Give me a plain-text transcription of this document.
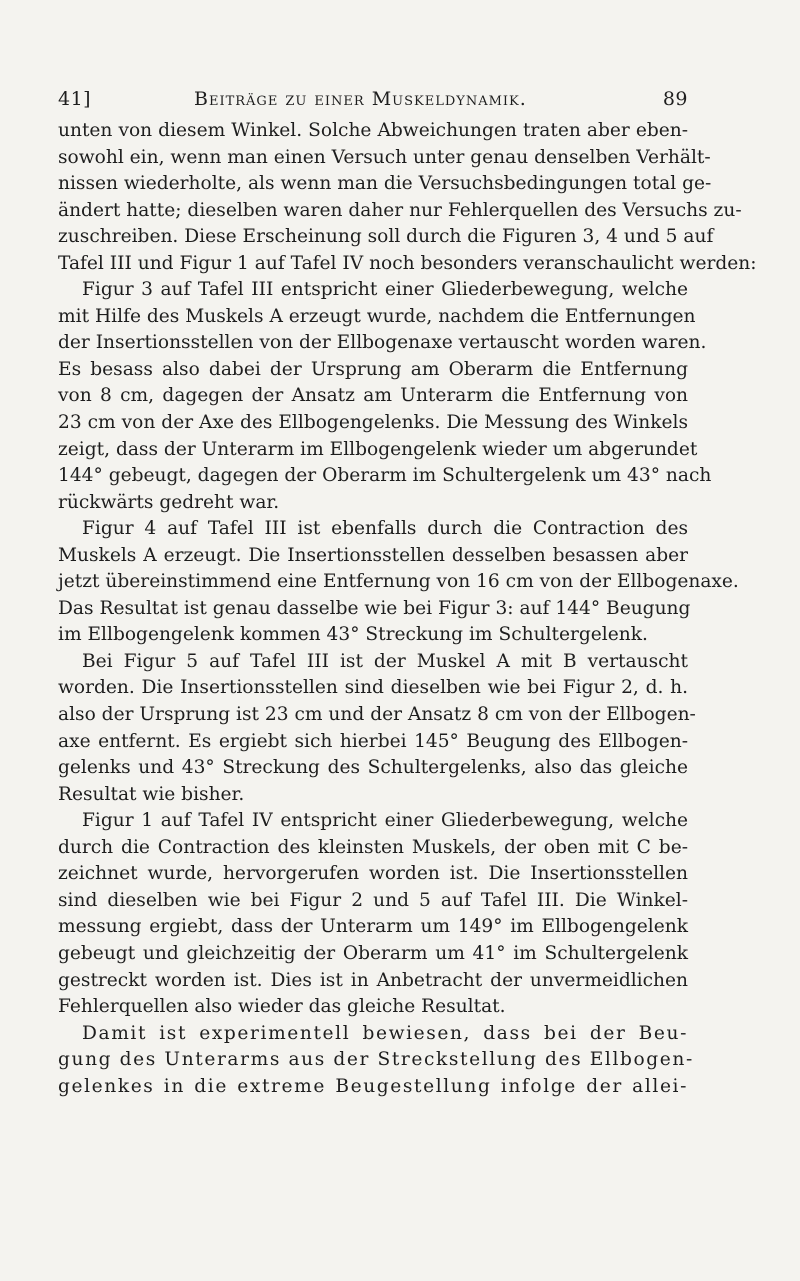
41]	Beiträge zu einer Muskeldynamik.	89
unten von diesem Winkel. Solche Abweichungen traten aber eben-
sowohl ein, wenn man einen Versuch unter genau denselben Verhält-
nissen wiederholte, als wenn man die Versuchsbedingungen total ge-
ändert hatte; dieselben waren daher nur Fehlerquellen des Versuchs zu-
zuschreiben. Diese Erscheinung soll durch die Figuren 3, 4 und 5 auf
Tafel III und Figur 1 auf Tafel IV noch besonders veranschaulicht werden:
Figur 3 auf Tafel III entspricht einer Gliederbewegung, welche
mit Hilfe des Muskels A erzeugt wurde, nachdem die Entfernungen
der Insertionsstellen von der Ellbogenaxe vertauscht worden waren.
Es besass also dabei der Ursprung am Oberarm die Entfernung
von 8 cm, dagegen der Ansatz am Unterarm die Entfernung von
23 cm von der Axe des Ellbogengelenks. Die Messung des Winkels
zeigt, dass der Unterarm im Ellbogengelenk wieder um abgerundet
144° gebeugt, dagegen der Oberarm im Schultergelenk um 43° nach
rückwärts gedreht war.
Figur 4 auf Tafel III ist ebenfalls durch die Contraction des
Muskels A erzeugt. Die Insertionsstellen desselben besassen aber
jetzt übereinstimmend eine Entfernung von 16 cm von der Ellbogenaxe.
Das Resultat ist genau dasselbe wie bei Figur 3: auf 144° Beugung
im Ellbogengelenk kommen 43° Streckung im Schultergelenk.
Bei Figur 5 auf Tafel III ist der Muskel A mit B vertauscht
worden. Die Insertionsstellen sind dieselben wie bei Figur 2, d. h.
also der Ursprung ist 23 cm und der Ansatz 8 cm von der Ellbogen-
axe entfernt. Es ergiebt sich hierbei 145° Beugung des Ellbogen-
gelenks und 43° Streckung des Schultergelenks, also das gleiche
Resultat wie bisher.
Figur 1 auf Tafel IV entspricht einer Gliederbewegung, welche
durch die Contraction des kleinsten Muskels, der oben mit C be-
zeichnet wurde, hervorgerufen worden ist. Die Insertionsstellen
sind dieselben wie bei Figur 2 und 5 auf Tafel III. Die Winkel-
messung ergiebt, dass der Unterarm um 149° im Ellbogengelenk
gebeugt und gleichzeitig der Oberarm um 41° im Schultergelenk
gestreckt worden ist. Dies ist in Anbetracht der unvermeidlichen
Fehlerquellen also wieder das gleiche Resultat.
Damit ist experimentell bewiesen, dass bei der Beu-
gung des Unterarms aus der Streckstellung des Ellbogen-
gelenkes in die extreme Beugestellung infolge der allei-
